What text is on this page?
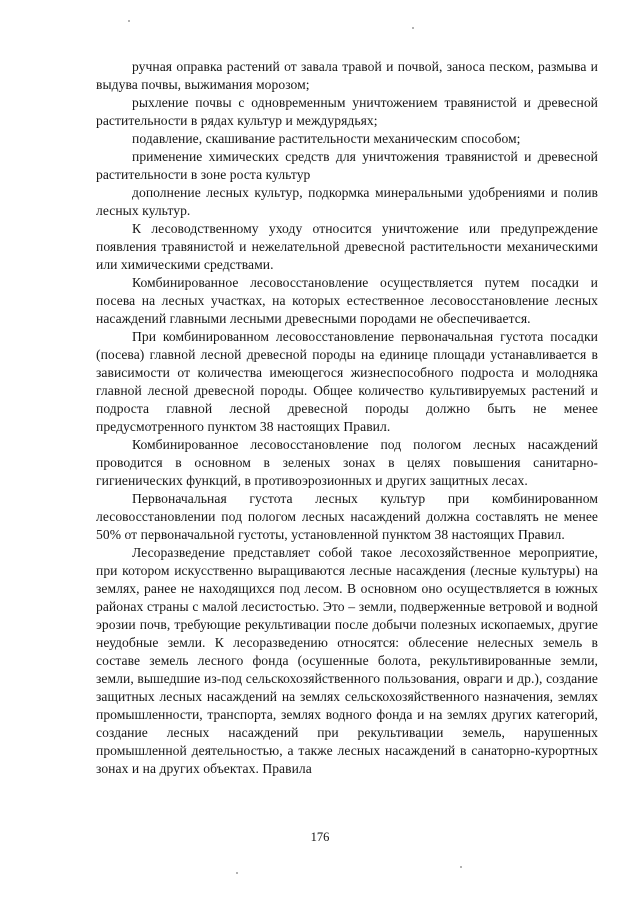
ручная оправка растений от завала травой и почвой, заноса песком, размыва и выдува почвы, выжимания морозом;

рыхление почвы с одновременным уничтожением травянистой и древесной растительности в рядах культур и междурядьях;

подавление, скашивание растительности механическим способом;

применение химических средств для уничтожения травянистой и древесной растительности в зоне роста культур

дополнение лесных культур, подкормка минеральными удобрениями и полив лесных культур.

К лесоводственному уходу относится уничтожение или предупреждение появления травянистой и нежелательной древесной растительности механическими или химическими средствами.

Комбинированное лесовосстановление осуществляется путем посадки и посева на лесных участках, на которых естественное лесовосстановление лесных насаждений главными лесными древесными породами не обеспечивается.

При комбинированном лесовосстановление первоначальная густота посадки (посева) главной лесной древесной породы на единице площади устанавливается в зависимости от количества имеющегося жизнеспособного подроста и молодняка главной лесной древесной породы. Общее количество культивируемых растений и подроста главной лесной древесной породы должно быть не менее предусмотренного пунктом 38 настоящих Правил.

Комбинированное лесовосстановление под пологом лесных насаждений проводится в основном в зеленых зонах в целях повышения санитарно-гигиенических функций, в противоэрозионных и других защитных лесах.

Первоначальная густота лесных культур при комбинированном лесовосстановлении под пологом лесных насаждений должна составлять не менее 50% от первоначальной густоты, установленной пунктом 38 настоящих Правил.

Лесоразведение представляет собой такое лесохозяйственное мероприятие, при котором искусственно выращиваются лесные насаждения (лесные культуры) на землях, ранее не находящихся под лесом. В основном оно осуществляется в южных районах страны с малой лесистостью. Это – земли, подверженные ветровой и водной эрозии почв, требующие рекультивации после добычи полезных ископаемых, другие неудобные земли. К лесоразведению относятся: облесение нелесных земель в составе земель лесного фонда (осушенные болота, рекультивированные земли, земли, вышедшие из-под сельскохозяйственного пользования, овраги и др.), создание защитных лесных насаждений на землях сельскохозяйственного назначения, землях промышленности, транспорта, землях водного фонда и на землях других категорий, создание лесных насаждений при рекультивации земель, нарушенных промышленной деятельностью, а также лесных насаждений в санаторно-курортных зонах и на других объектах. Правила

176
